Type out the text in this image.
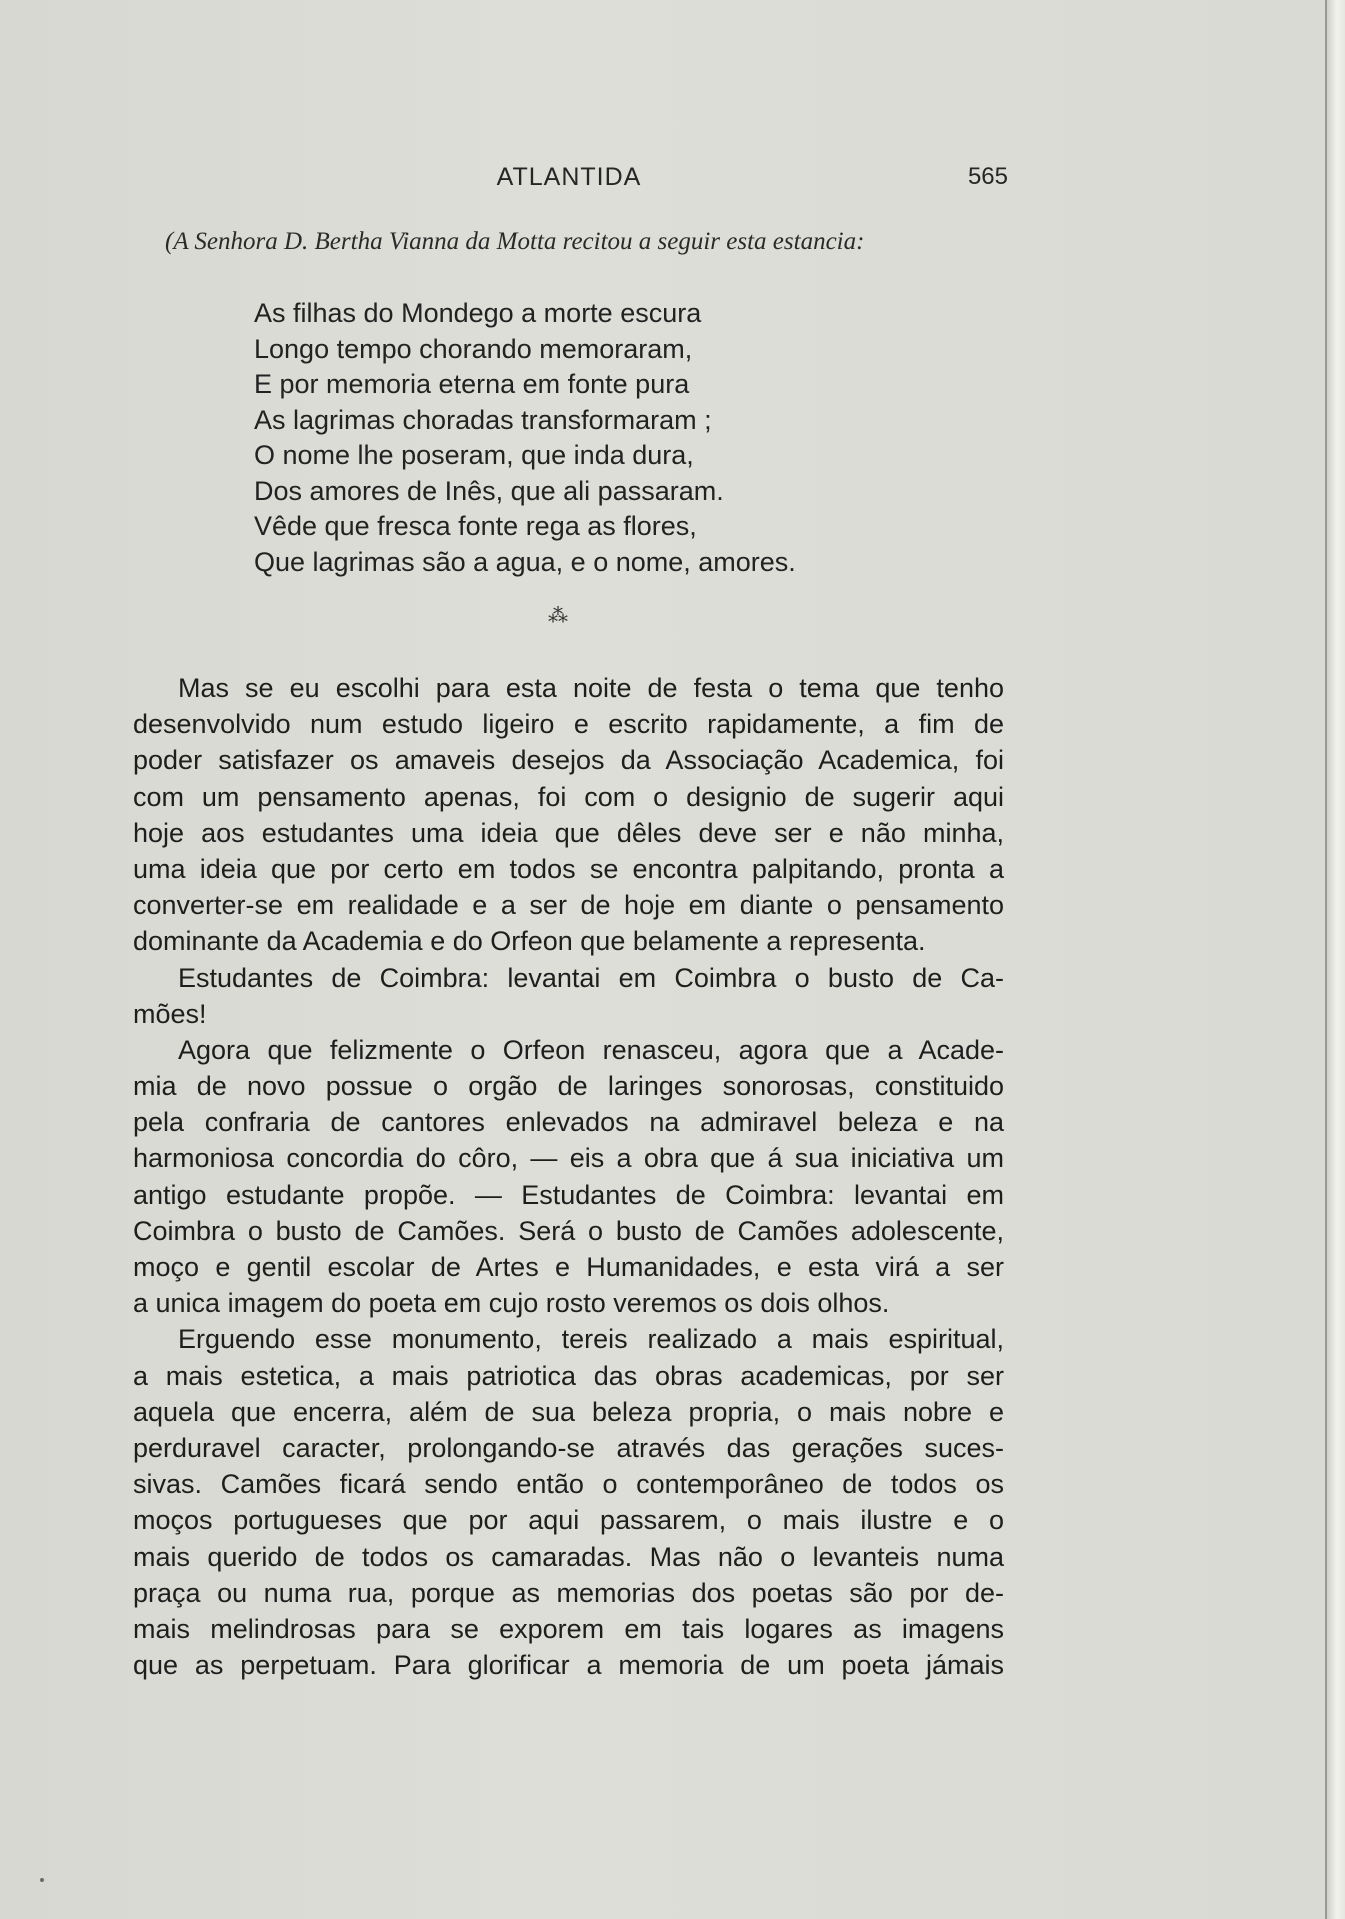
ATLANTIDA	565
(A Senhora D. Bertha Vianna da Motta recitou a seguir esta estancia:
As filhas do Mondego a morte escura
Longo tempo chorando memoraram,
E por memoria eterna em fonte pura
As lagrimas choradas transformaram ;
O nome lhe poseram, que inda dura,
Dos amores de Inês, que ali passaram.
Vêde que fresca fonte rega as flores,
Que lagrimas são a agua, e o nome, amores.
⁂
Mas se eu escolhi para esta noite de festa o tema que tenho
desenvolvido num estudo ligeiro e escrito rapidamente, a fim de
poder satisfazer os amaveis desejos da Associação Academica, foi
com um pensamento apenas, foi com o designio de sugerir aqui
hoje aos estudantes uma ideia que dêles deve ser e não minha,
uma ideia que por certo em todos se encontra palpitando, pronta a
converter-se em realidade e a ser de hoje em diante o pensamento
dominante da Academia e do Orfeon que belamente a representa.
Estudantes de Coimbra: levantai em Coimbra o busto de Ca-
mões!
Agora que felizmente o Orfeon renasceu, agora que a Acade-
mia de novo possue o orgão de laringes sonorosas, constituido
pela confraria de cantores enlevados na admiravel beleza e na
harmoniosa concordia do côro, — eis a obra que á sua iniciativa um
antigo estudante propõe. — Estudantes de Coimbra: levantai em
Coimbra o busto de Camões. Será o busto de Camões adolescente,
moço e gentil escolar de Artes e Humanidades, e esta virá a ser
a unica imagem do poeta em cujo rosto veremos os dois olhos.
Erguendo esse monumento, tereis realizado a mais espiritual,
a mais estetica, a mais patriotica das obras academicas, por ser
aquela que encerra, além de sua beleza propria, o mais nobre e
perduravel caracter, prolongando-se através das gerações suces-
sivas. Camões ficará sendo então o contemporâneo de todos os
moços portugueses que por aqui passarem, o mais ilustre e o
mais querido de todos os camaradas. Mas não o levanteis numa
praça ou numa rua, porque as memorias dos poetas são por de-
mais melindrosas para se exporem em tais logares as imagens
que as perpetuam. Para glorificar a memoria de um poeta jámais
